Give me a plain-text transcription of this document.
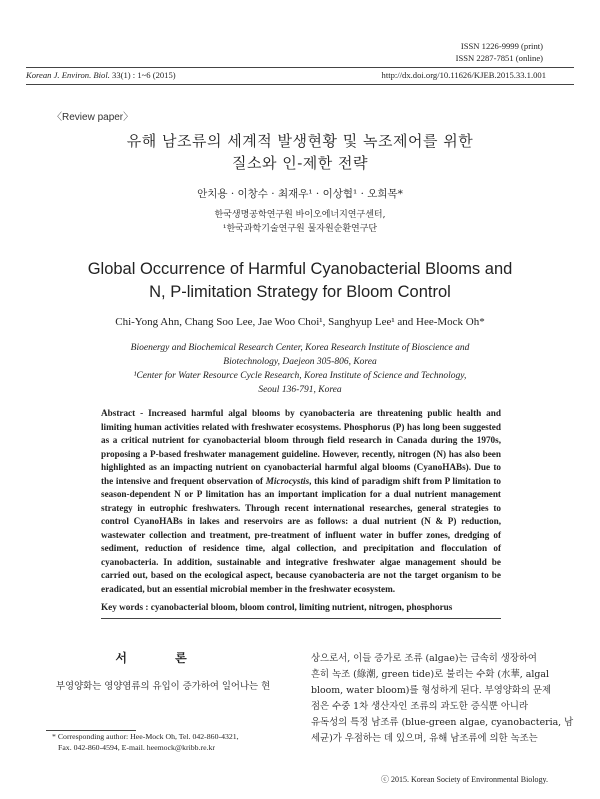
ISSN 1226-9999 (print)
ISSN 2287-7851 (online)
Korean J. Environ. Biol. 33(1) : 1~6 (2015)	http://dx.doi.org/10.11626/KJEB.2015.33.1.001
〈Review paper〉
유해 남조류의 세계적 발생현황 및 녹조제어를 위한
질소와 인-제한 전략
안치용 · 이창수 · 최재우¹ · 이상협¹ · 오희목*
한국생명공학연구원 바이오에너지연구센터,
¹한국과학기술연구원 물자원순환연구단
Global Occurrence of Harmful Cyanobacterial Blooms and
N, P-limitation Strategy for Bloom Control
Chi-Yong Ahn, Chang Soo Lee, Jae Woo Choi¹, Sanghyup Lee¹ and Hee-Mock Oh*
Bioenergy and Biochemical Research Center, Korea Research Institute of Bioscience and
Biotechnology, Daejeon 305-806, Korea
¹Center for Water Resource Cycle Research, Korea Institute of Science and Technology,
Seoul 136-791, Korea
Abstract - Increased harmful algal blooms by cyanobacteria are threatening public health and limiting human activities related with freshwater ecosystems. Phosphorus (P) has long been suggested as a critical nutrient for cyanobacterial bloom through field research in Canada during the 1970s, proposing a P-based freshwater management guideline. However, recently, nitrogen (N) has also been highlighted as an impacting nutrient on cyanobacterial harmful algal blooms (CyanoHABs). Due to the intensive and frequent observation of Microcystis, this kind of paradigm shift from P limitation to season-dependent N or P limitation has an important implication for a dual nutrient management strategy in eutrophic freshwaters. Through recent international researches, general strategies to control CyanoHABs in lakes and reservoirs are as follows: a dual nutrient (N & P) reduction, wastewater collection and treatment, pre-treatment of influent water in buffer zones, dredging of sediment, reduction of residence time, algal collection, and precipitation and flocculation of cyanobacteria. In addition, sustainable and integrative freshwater algae management should be carried out, based on the ecological aspect, because cyanobacteria are not the target organism to be eradicated, but an essential microbial member in the freshwater ecosystem.
Key words : cyanobacterial bloom, bloom control, limiting nutrient, nitrogen, phosphorus
서 론
부영양화는 영양염류의 유입이 증가하여 일어나는 현
* Corresponding author: Hee-Mock Oh, Tel. 042-860-4321,
Fax. 042-860-4594, E-mail. heemock@kribb.re.kr
상으로서, 이들 증가로 조류 (algae)는 급속히 생장하여
흔히 녹조 (綠潮, green tide)로 불리는 수화 (水華, algal
bloom, water bloom)를 형성하게 된다. 부영양화의 문제
점은 수중 1차 생산자인 조류의 과도한 증식뿐 아니라
유독성의 특정 남조류 (blue-green algae, cyanobacteria, 남
세균)가 우점하는 데 있으며, 유해 남조류에 의한 녹조는
ⓒ 2015. Korean Society of Environmental Biology.
